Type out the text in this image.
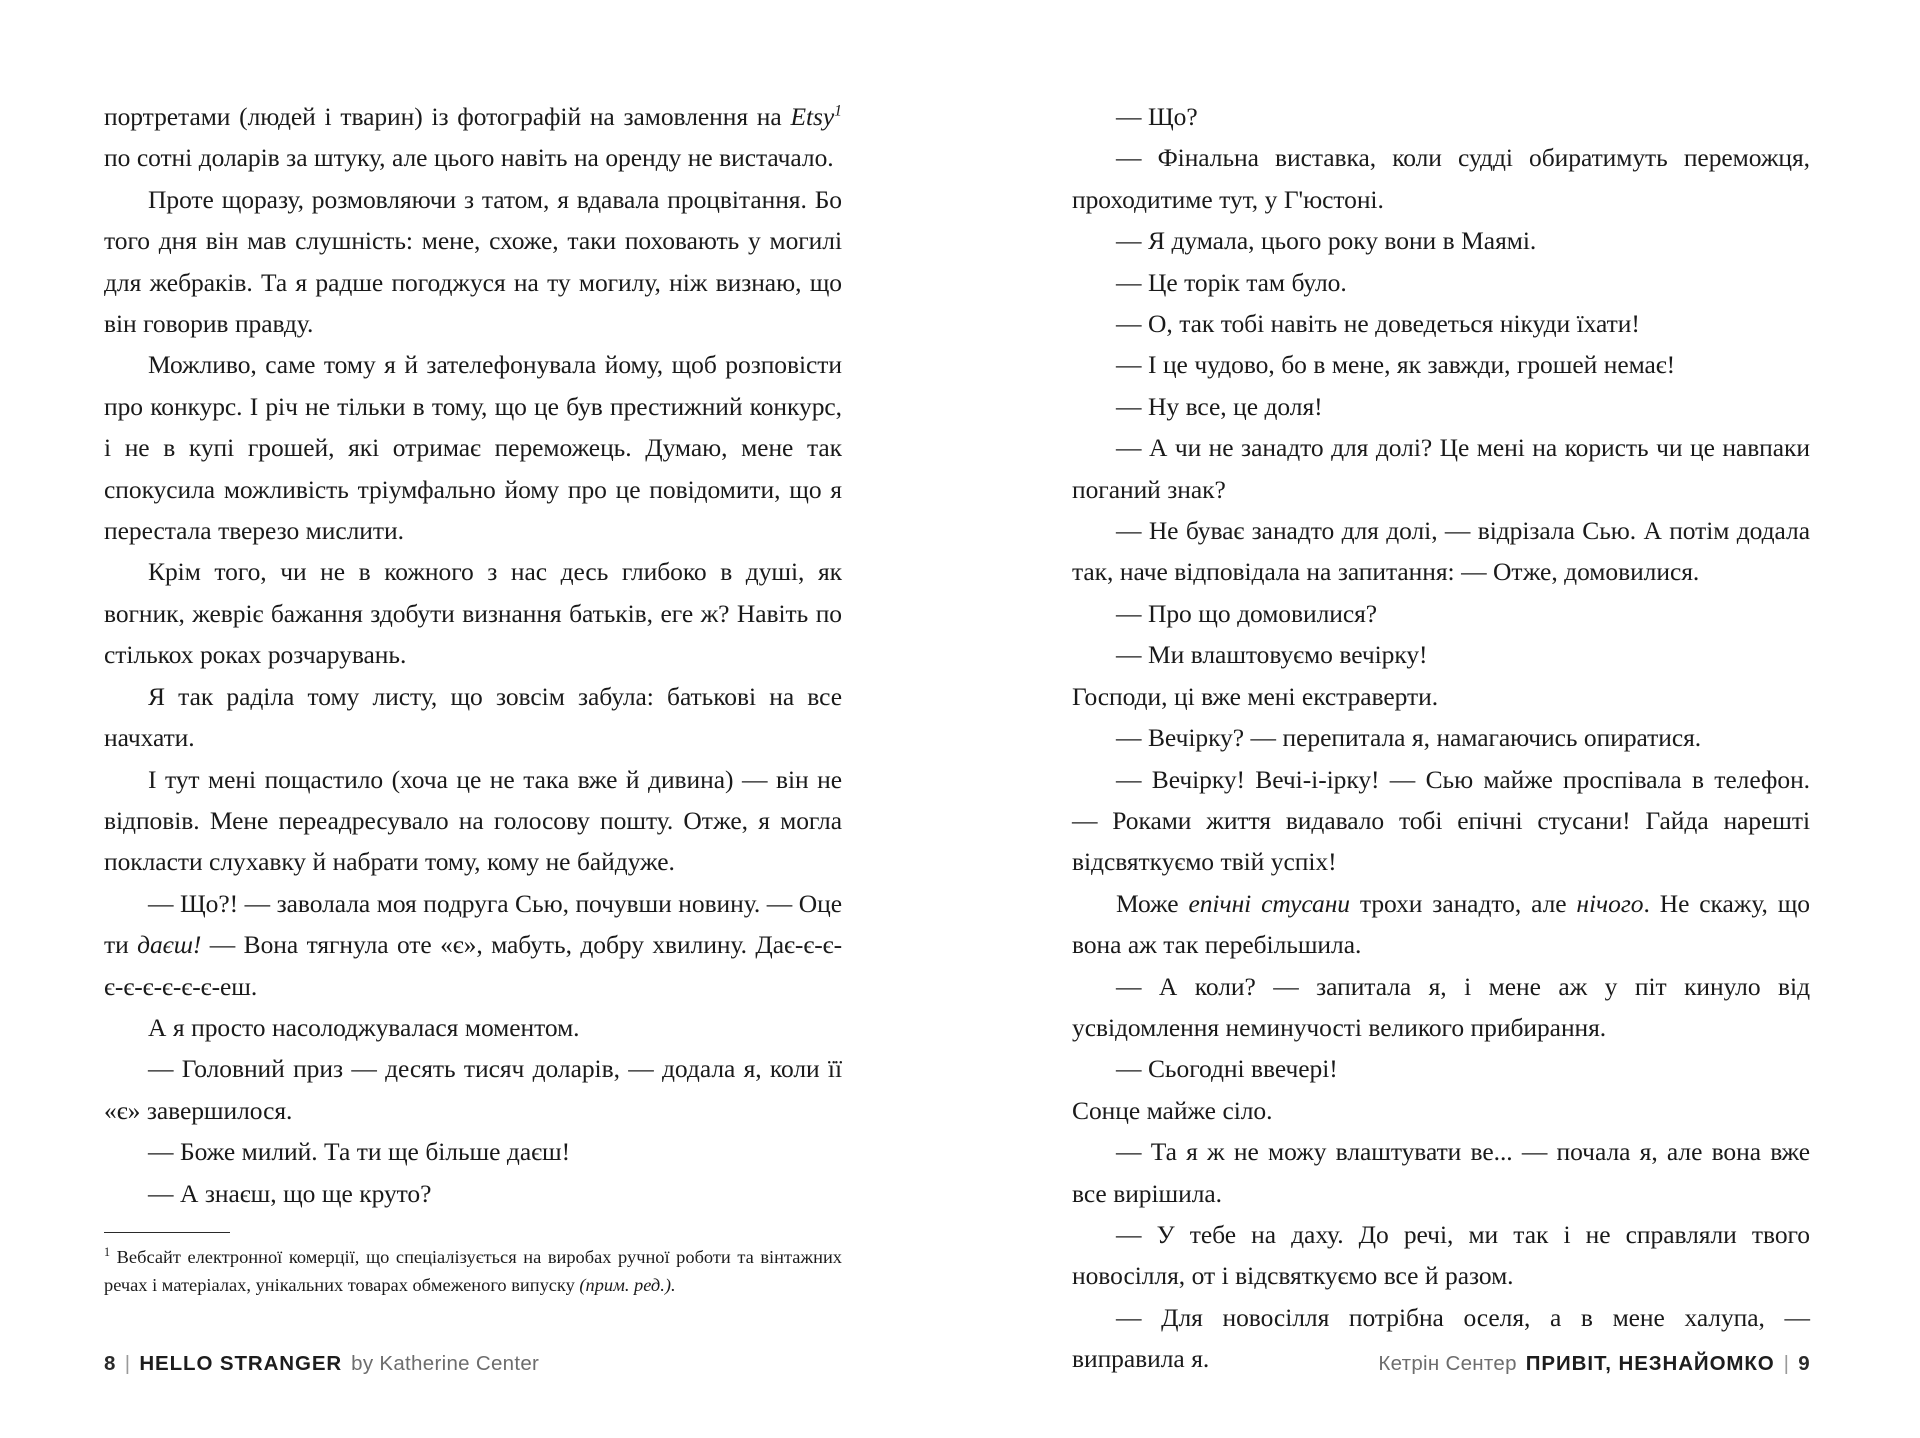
портретами (людей і тварин) із фотографій на замовлення на Etsy$^1$ по сотні доларів за штуку, але цього навіть на оренду не вистачало.

Проте щоразу, розмовляючи з татом, я вдавала процвітання. Бо того дня він мав слушність: мене, схоже, таки поховають у могилі для жебраків. Та я радше погоджуся на ту могилу, ніж визнаю, що він говорив правду.

Можливо, саме тому я й зателефонувала йому, щоб розповісти про конкурс. І річ не тільки в тому, що це був престижний конкурс, і не в купі грошей, які отримає переможець. Думаю, мене так спокусила можливість тріумфально йому про це повідомити, що я перестала тверезо мислити.

Крім того, чи не в кожного з нас десь глибоко в душі, як вогник, жевріє бажання здобути визнання батьків, еге ж? Навіть по стількох роках розчарувань.

Я так раділа тому листу, що зовсім забула: батькові на все начхати.

І тут мені пощастило (хоча це не така вже й дивина) — він не відповів. Мене переадресувало на голосову пошту. Отже, я могла покласти слухавку й набрати тому, кому не байдуже.

— Що?! — заволала моя подруга Сью, почувши новину. — Оце ти даєш! — Вона тягнула оте «є», мабуть, добру хвилину. Дає-є-є-є-є-є-є-є-є-еш.

А я просто насолоджувалася моментом.

— Головний приз — десять тисяч доларів, — додала я, коли її «є» завершилося.

— Боже милий. Та ти ще більше даєш!

— А знаєш, що ще круто?

$^1$ Вебсайт електронної комерції, що спеціалізується на виробах ручної роботи та вінтажних речах і матеріалах, унікальних товарах обмеженого випуску (прим. ред.).

8 | HELLO STRANGER by Katherine Center

— Що?

— Фінальна виставка, коли судді обиратимуть переможця, проходитиме тут, у Г'юстоні.

— Я думала, цього року вони в Маямі.

— Це торік там було.

— О, так тобі навіть не доведеться нікуди їхати!

— І це чудово, бо в мене, як завжди, грошей немає!

— Ну все, це доля!

— А чи не занадто для долі? Це мені на користь чи це навпаки поганий знак?

— Не буває занадто для долі, — відрізала Сью. А потім додала так, наче відповідала на запитання: — Отже, домовилися.

— Про що домовилися?

— Ми влаштовуємо вечірку!

Господи, ці вже мені екстраверти.

— Вечірку? — перепитала я, намагаючись опиратися.

— Вечірку! Вечі-і-ірку! — Сью майже проспівала в телефон. — Роками життя видавало тобі епічні стусани! Гайда нарешті відсвяткуємо твій успіх!

Може епічні стусани трохи занадто, але нічого. Не скажу, що вона аж так перебільшила.

— А коли? — запитала я, і мене аж у піт кинуло від усвідомлення неминучості великого прибирання.

— Сьогодні ввечері!

Сонце майже сіло.

— Та я ж не можу влаштувати ве... — почала я, але вона вже все вирішила.

— У тебе на даху. До речі, ми так і не справляли твого новосілля, от і відсвяткуємо все й разом.

— Для новосілля потрібна оселя, а в мене халупа, — виправила я.	Кетрін Сентер ПРИВІТ, НЕЗНАЙОМКО | 9
